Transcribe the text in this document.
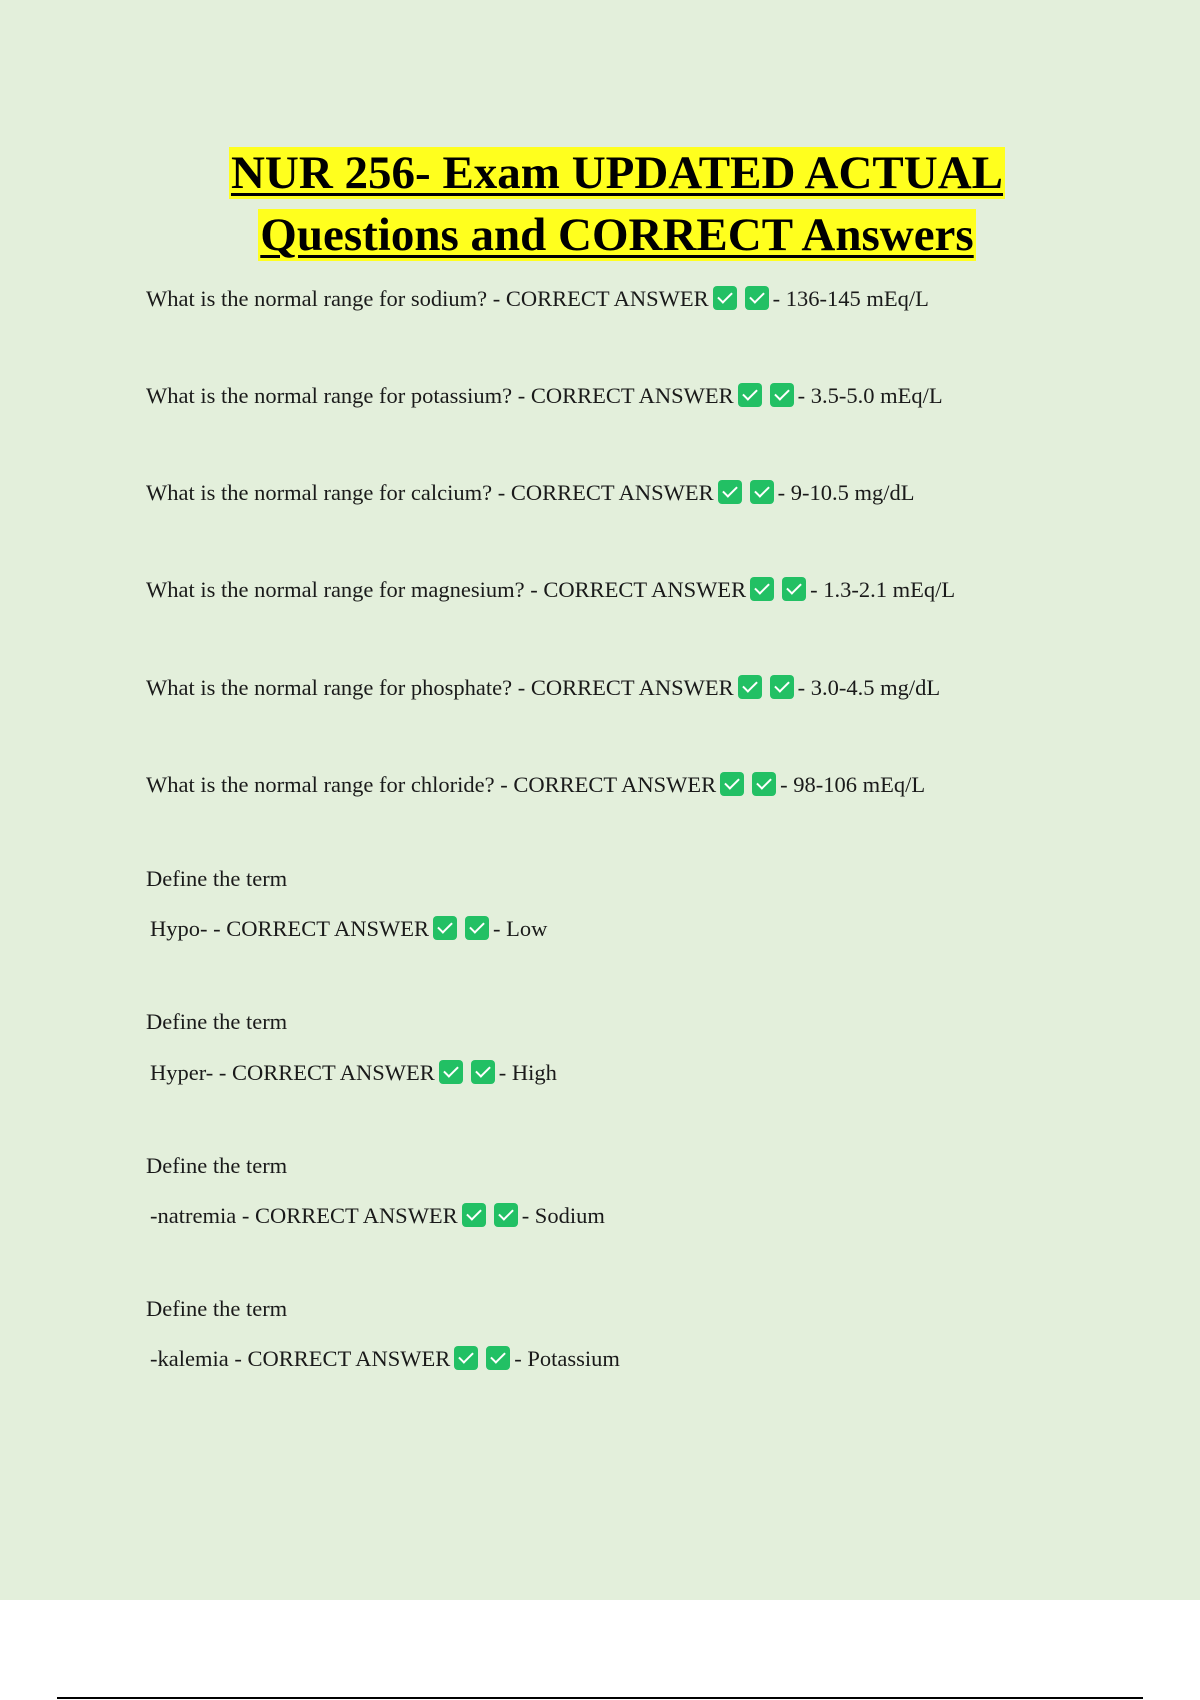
NUR 256- Exam UPDATED ACTUAL
Questions and CORRECT Answers
What is the normal range for sodium? - CORRECT ANSWER	- 136-145 mEq/L
What is the normal range for potassium? - CORRECT ANSWER	- 3.5-5.0 mEq/L
What is the normal range for calcium? - CORRECT ANSWER	- 9-10.5 mg/dL
What is the normal range for magnesium? - CORRECT ANSWER	- 1.3-2.1 mEq/L
What is the normal range for phosphate? - CORRECT ANSWER	- 3.0-4.5 mg/dL
What is the normal range for chloride? - CORRECT ANSWER	- 98-106 mEq/L
Define the term
Hypo- - CORRECT ANSWER	- Low
Define the term
Hyper- - CORRECT ANSWER	- High
Define the term
-natremia - CORRECT ANSWER	- Sodium
Define the term
-kalemia - CORRECT ANSWER	- Potassium
